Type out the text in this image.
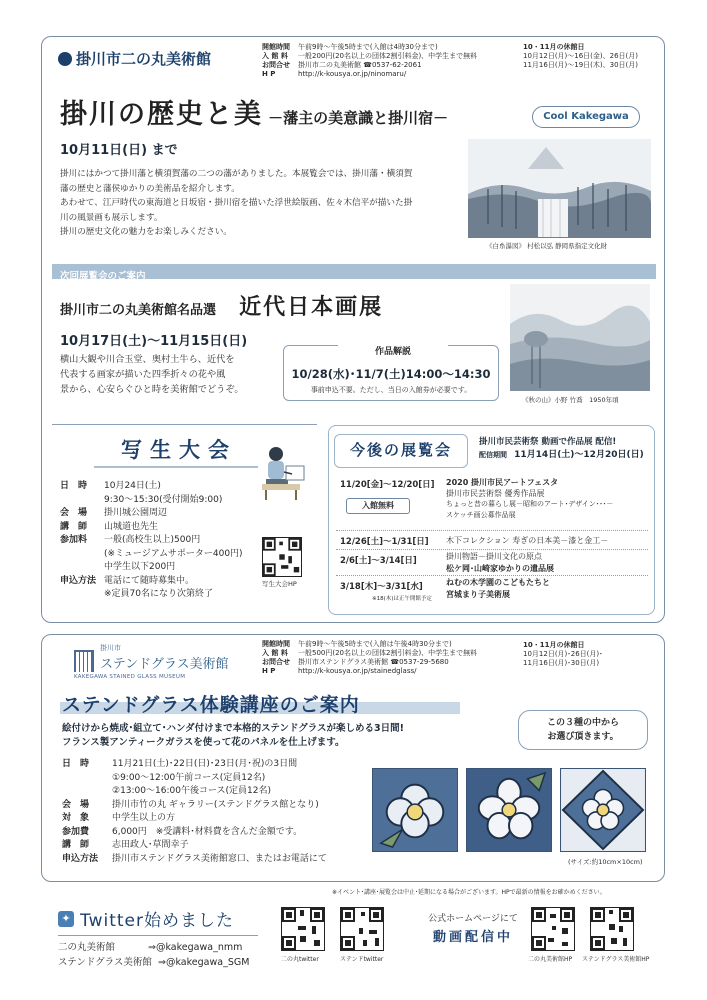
掛川市二の丸美術館
開館時間 午前9時～午後5時まで(入館は4時30分まで)
入 館 料 一般200円(20名以上の団体2割引料金)、中学生まで無料
お問合せ 掛川市二の丸美術館 ☎0537-62-2061
H P	http://k-kousya.or.jp/ninomaru/
10・11月の休館日
10月12日(月)～16日(金)、26日(月)
11月16日(月)～19日(木)、30日(月)
掛川の歴史と美 －藩主の美意識と掛川宿－	Cool Kakegawa
10月11日(日) まで
掛川にはかつて掛川藩と横須賀藩の二つの藩がありました。本展覧会では、掛川藩・横須賀
藩の歴史と藩侯ゆかりの美術品を紹介します。
あわせて、江戸時代の東海道と日坂宿・掛川宿を描いた浮世絵版画、佐々木信平が描いた掛
川の風景画も展示します。
掛川の歴史文化の魅力をお楽しみください。
《白糸瀑図》 村松以弘 静岡県指定文化財
次回展覧会のご案内
掛川市二の丸美術館名品選 近代日本画展
10月17日(土)～11月15日(日)
横山大観や川合玉堂、奥村土牛ら、近代を
代表する画家が描いた四季折々の花や風
景から、心安らぐひと時を美術館でどうぞ。
作品解説
10/28(水)･11/7(土)14:00～14:30
事前申込不要。ただし、当日の入館券が必要です。
《秋の山》小野 竹喬　1950年頃
写生大会
日　時	10月24日(土)
9:30～15:30(受付開始9:00)
会　場	掛川城公園周辺
講　師	山城道也先生
参加料	一般(高校生以上)500円
(※ミュージアムサポーター400円)
中学生以下200円
申込方法 電話にて随時募集中。
※定員70名になり次第終了
写生大会HP
今後の展覧会	掛川市民芸術祭 動画で作品展 配信!
配信期間 11月14日(土)～12月20日(日)
11/20[金]～12/20[日]
入館無料
2020 掛川市民アートフェスタ
掛川市民芸術祭 優秀作品展
ちょっと昔の暮らし展－昭和のアート･デザイン･･･－
スケッチ画公募作品展
12/26[土]～1/31[日] 木下コレクション 寿ぎの日本美－漆と金工－
2/6[土]～3/14[日]	掛川物語－掛川文化の原点
松ケ岡･山崎家ゆかりの遺品展
3/18[木]～3/31[水]
※18(木)は正午開館予定
ねむの木学園のこどもたちと
宮城まり子美術展
掛川市
ステンドグラス美術館
KAKEGAWA STAINED GLASS MUSEUM
開館時間 午前9時～午後5時まで(入館は午後4時30分まで)
入 館 料 一般500円(20名以上の団体2割引料金)、中学生まで無料
お問合せ 掛川市ステンドグラス美術館 ☎0537-29-5680
H P	http://k-kousya.or.jp/stainedglass/
10・11月の休館日
10月12日(月)･26日(月)･
11月16日(月)･30日(月)
ステンドグラス体験講座のご案内
絵付けから焼成･組立て･ハンダ付けまで本格的ステンドグラスが楽しめる3日間!
フランス製アンティークガラスを使って花のパネルを仕上げます。
この３種の中から
お選び頂きます。
日　時	11月21日(土)･22日(日)･23日(月･祝)の3日間
①9:00～12:00午前コース(定員12名)
②13:00～16:00午後コース(定員12名)
会　場	掛川市竹の丸 ギャラリー(ステンドグラス館となり)
対　象	中学生以上の方
参加費	6,000円　※受講料･材料費を含んだ金額です。
講　師	志田政人･草間幸子
申込方法	掛川市ステンドグラス美術館窓口、またはお電話にて	(サイズ:約10cm×10cm)
※イベント･講座･展覧会は中止･延期になる場合がございます。HPで最新の情報をお確かめください。
✦ Twitter始めました
二の丸美術館	⇒@kakegawa_nmm
ステンドグラス美術館 ⇒@kakegawa_SGM	二の丸twitter	ステンドtwitter
公式ホームページにて
動画配信中
二の丸美術館HP ステンドグラス美術館HP
